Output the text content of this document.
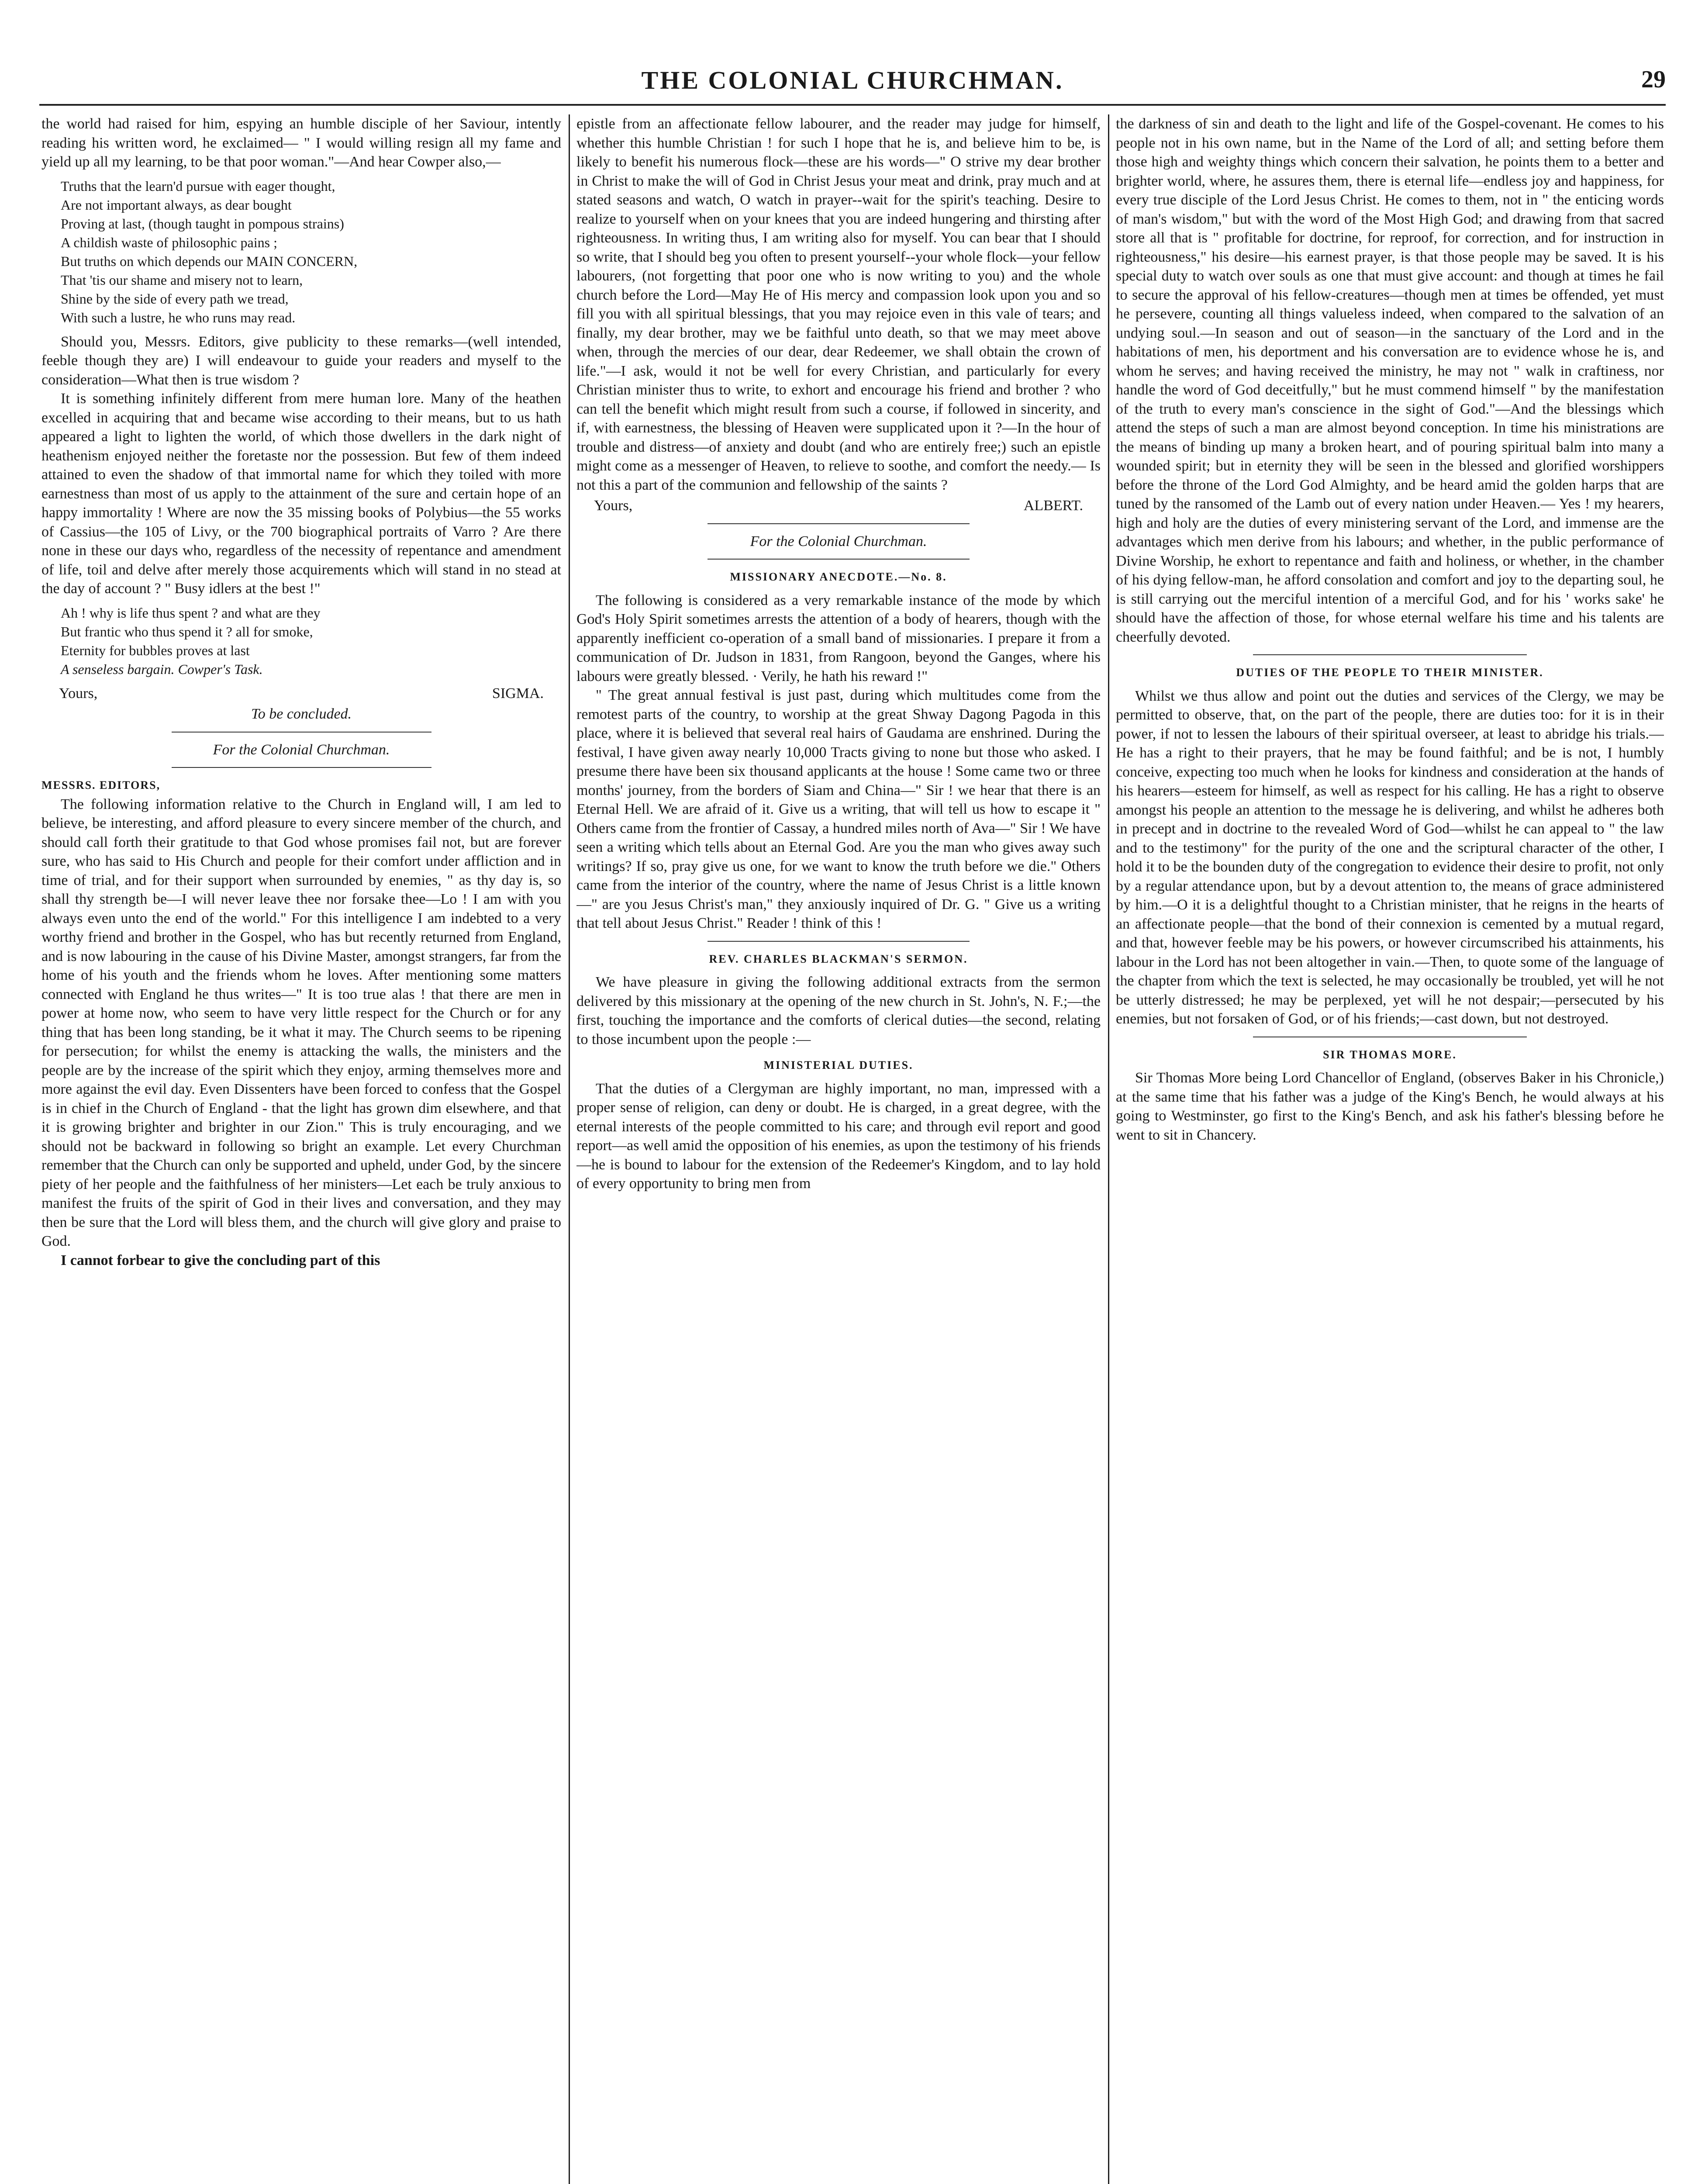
THE COLONIAL CHURCHMAN.	29

the world had raised for him, espying an humble disciple of her Saviour, intently reading his written word, he exclaimed— " I would willing resign all my fame and yield up all my learning, to be that poor woman."—And hear Cowper also,—

Truths that the learn'd pursue with eager thought,
Are not important always, as dear bought
Proving at last, (though taught in pompous strains)
A childish waste of philosophic pains ;
But truths on which depends our MAIN CONCERN,
That 'tis our shame and misery not to learn,
Shine by the side of every path we tread,
With such a lustre, he who runs may read.

Should you, Messrs. Editors, give publicity to these remarks—(well intended, feeble though they are) I will endeavour to guide your readers and myself to the consideration—What then is true wisdom ?

It is something infinitely different from mere human lore. Many of the heathen excelled in acquiring that and became wise according to their means, but to us hath appeared a light to lighten the world, of which those dwellers in the dark night of heathenism enjoyed neither the foretaste nor the possession. But few of them indeed attained to even the shadow of that immortal name for which they toiled with more earnestness than most of us apply to the attainment of the sure and certain hope of an happy immortality ! Where are now the 35 missing books of Polybius—the 55 works of Cassius—the 105 of Livy, or the 700 biographical portraits of Varro ? Are there none in these our days who, regardless of the necessity of repentance and amendment of life, toil and delve after merely those acquirements which will stand in no stead at the day of account ? " Busy idlers at the best !"

Ah ! why is life thus spent ? and what are they
But frantic who thus spend it ? all for smoke,
Eternity for bubbles proves at last
A senseless bargain. Cowper's Task.
Yours,	SIGMA.

To be concluded.

For the Colonial Churchman.

MESSRS. EDITORS,

The following information relative to the Church in England will, I am led to believe, be interesting, and afford pleasure to every sincere member of the church, and should call forth their gratitude to that God whose promises fail not, but are forever sure, who has said to His Church and people for their comfort under affliction and in time of trial, and for their support when surrounded by enemies, " as thy day is, so shall thy strength be—I will never leave thee nor forsake thee—Lo ! I am with you always even unto the end of the world." For this intelligence I am indebted to a very worthy friend and brother in the Gospel, who has but recently returned from England, and is now labouring in the cause of his Divine Master, amongst strangers, far from the home of his youth and the friends whom he loves. After mentioning some matters connected with England he thus writes—" It is too true alas ! that there are men in power at home now, who seem to have very little respect for the Church or for any thing that has been long standing, be it what it may. The Church seems to be ripening for persecution; for whilst the enemy is attacking the walls, the ministers and the people are by the increase of the spirit which they enjoy, arming themselves more and more against the evil day. Even Dissenters have been forced to confess that the Gospel is in chief in the Church of England - that the light has grown dim elsewhere, and that it is growing brighter and brighter in our Zion." This is truly encouraging, and we should not be backward in following so bright an example. Let every Churchman remember that the Church can only be supported and upheld, under God, by the sincere piety of her people and the faithfulness of her ministers—Let each be truly anxious to manifest the fruits of the spirit of God in their lives and conversation, and they may then be sure that the Lord will bless them, and the church will give glory and praise to God.

I cannot forbear to give the concluding part of this

epistle from an affectionate fellow labourer, and the reader may judge for himself, whether this humble Christian ! for such I hope that he is, and believe him to be, is likely to benefit his numerous flock—these are his words—" O strive my dear brother in Christ to make the will of God in Christ Jesus your meat and drink, pray much and at stated seasons and watch, O watch in prayer--wait for the spirit's teaching. Desire to realize to yourself when on your knees that you are indeed hungering and thirsting after righteousness. In writing thus, I am writing also for myself. You can bear that I should so write, that I should beg you often to present yourself--your whole flock—your fellow labourers, (not forgetting that poor one who is now writing to you) and the whole church before the Lord—May He of His mercy and compassion look upon you and so fill you with all spiritual blessings, that you may rejoice even in this vale of tears; and finally, my dear brother, may we be faithful unto death, so that we may meet above when, through the mercies of our dear, dear Redeemer, we shall obtain the crown of life."—I ask, would it not be well for every Christian, and particularly for every Christian minister thus to write, to exhort and encourage his friend and brother ? who can tell the benefit which might result from such a course, if followed in sincerity, and if, with earnestness, the blessing of Heaven were supplicated upon it ?—In the hour of trouble and distress—of anxiety and doubt (and who are entirely free;) such an epistle might come as a messenger of Heaven, to relieve to soothe, and comfort the needy.— Is not this a part of the communion and fellowship of the saints ?

Yours,	ALBERT.

For the Colonial Churchman.

MISSIONARY ANECDOTE.—No. 8.

The following is considered as a very remarkable instance of the mode by which God's Holy Spirit sometimes arrests the attention of a body of hearers, though with the apparently inefficient co-operation of a small band of missionaries. I prepare it from a communication of Dr. Judson in 1831, from Rangoon, beyond the Ganges, where his labours were greatly blessed. · Verily, he hath his reward !"

" The great annual festival is just past, during which multitudes come from the remotest parts of the country, to worship at the great Shway Dagong Pagoda in this place, where it is believed that several real hairs of Gaudama are enshrined. During the festival, I have given away nearly 10,000 Tracts giving to none but those who asked. I presume there have been six thousand applicants at the house ! Some came two or three months' journey, from the borders of Siam and China—" Sir ! we hear that there is an Eternal Hell. We are afraid of it. Give us a writing, that will tell us how to escape it " Others came from the frontier of Cassay, a hundred miles north of Ava—" Sir ! We have seen a writing which tells about an Eternal God. Are you the man who gives away such writings? If so, pray give us one, for we want to know the truth before we die." Others came from the interior of the country, where the name of Jesus Christ is a little known—" are you Jesus Christ's man," they anxiously inquired of Dr. G. " Give us a writing that tell about Jesus Christ." Reader ! think of this !

REV. CHARLES BLACKMAN'S SERMON.

We have pleasure in giving the following additional extracts from the sermon delivered by this missionary at the opening of the new church in St. John's, N. F.;—the first, touching the importance and the comforts of clerical duties—the second, relating to those incumbent upon the people :—

MINISTERIAL DUTIES.

That the duties of a Clergyman are highly important, no man, impressed with a proper sense of religion, can deny or doubt. He is charged, in a great degree, with the eternal interests of the people committed to his care; and through evil report and good report—as well amid the opposition of his enemies, as upon the testimony of his friends—he is bound to labour for the extension of the Redeemer's Kingdom, and to lay hold of every opportunity to bring men from

the darkness of sin and death to the light and life of the Gospel-covenant. He comes to his people not in his own name, but in the Name of the Lord of all; and setting before them those high and weighty things which concern their salvation, he points them to a better and brighter world, where, he assures them, there is eternal life—endless joy and happiness, for every true disciple of the Lord Jesus Christ. He comes to them, not in " the enticing words of man's wisdom," but with the word of the Most High God; and drawing from that sacred store all that is " profitable for doctrine, for reproof, for correction, and for instruction in righteousness," his desire—his earnest prayer, is that those people may be saved. It is his special duty to watch over souls as one that must give account: and though at times he fail to secure the approval of his fellow-creatures—though men at times be offended, yet must he persevere, counting all things valueless indeed, when compared to the salvation of an undying soul.—In season and out of season—in the sanctuary of the Lord and in the habitations of men, his deportment and his conversation are to evidence whose he is, and whom he serves; and having received the ministry, he may not " walk in craftiness, nor handle the word of God deceitfully," but he must commend himself " by the manifestation of the truth to every man's conscience in the sight of God."—And the blessings which attend the steps of such a man are almost beyond conception. In time his ministrations are the means of binding up many a broken heart, and of pouring spiritual balm into many a wounded spirit; but in eternity they will be seen in the blessed and glorified worshippers before the throne of the Lord God Almighty, and be heard amid the golden harps that are tuned by the ransomed of the Lamb out of every nation under Heaven.— Yes ! my hearers, high and holy are the duties of every ministering servant of the Lord, and immense are the advantages which men derive from his labours; and whether, in the public performance of Divine Worship, he exhort to repentance and faith and holiness, or whether, in the chamber of his dying fellow-man, he afford consolation and comfort and joy to the departing soul, he is still carrying out the merciful intention of a merciful God, and for his ' works sake' he should have the affection of those, for whose eternal welfare his time and his talents are cheerfully devoted.

DUTIES OF THE PEOPLE TO THEIR MINISTER.

Whilst we thus allow and point out the duties and services of the Clergy, we may be permitted to observe, that, on the part of the people, there are duties too: for it is in their power, if not to lessen the labours of their spiritual overseer, at least to abridge his trials.—He has a right to their prayers, that he may be found faithful; and be is not, I humbly conceive, expecting too much when he looks for kindness and consideration at the hands of his hearers—esteem for himself, as well as respect for his calling. He has a right to observe amongst his people an attention to the message he is delivering, and whilst he adheres both in precept and in doctrine to the revealed Word of God—whilst he can appeal to " the law and to the testimony" for the purity of the one and the scriptural character of the other, I hold it to be the bounden duty of the congregation to evidence their desire to profit, not only by a regular attendance upon, but by a devout attention to, the means of grace administered by him.—O it is a delightful thought to a Christian minister, that he reigns in the hearts of an affectionate people—that the bond of their connexion is cemented by a mutual regard, and that, however feeble may be his powers, or however circumscribed his attainments, his labour in the Lord has not been altogether in vain.—Then, to quote some of the language of the chapter from which the text is selected, he may occasionally be troubled, yet will he not be utterly distressed; he may be perplexed, yet will he not despair;—persecuted by his enemies, but not forsaken of God, or of his friends;—cast down, but not destroyed.

SIR THOMAS MORE.

Sir Thomas More being Lord Chancellor of England, (observes Baker in his Chronicle,) at the same time that his father was a judge of the King's Bench, he would always at his going to Westminster, go first to the King's Bench, and ask his father's blessing before he went to sit in Chancery.
